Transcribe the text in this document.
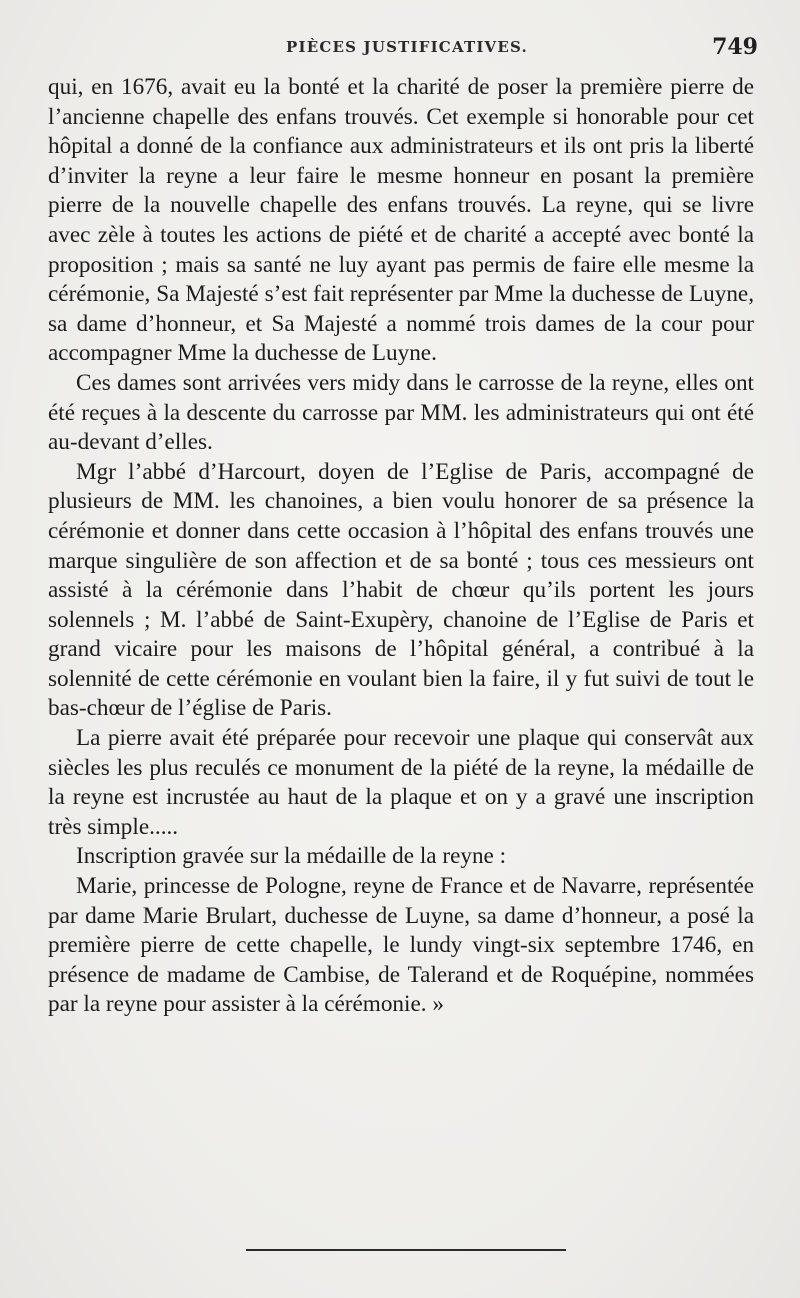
PIÈCES JUSTIFICATIVES.	749

qui, en 1676, avait eu la bonté et la charité de poser la première pierre de l’ancienne chapelle des enfans trouvés. Cet exemple si honorable pour cet hôpital a donné de la confiance aux administrateurs et ils ont pris la liberté d’inviter la reyne a leur faire le mesme honneur en posant la première pierre de la nouvelle chapelle des enfans trouvés. La reyne, qui se livre avec zèle à toutes les actions de piété et de charité a accepté avec bonté la proposition ; mais sa santé ne luy ayant pas permis de faire elle mesme la cérémonie, Sa Majesté s’est fait représenter par Mme la duchesse de Luyne, sa dame d’honneur, et Sa Majesté a nommé trois dames de la cour pour accompagner Mme la duchesse de Luyne.

Ces dames sont arrivées vers midy dans le carrosse de la reyne, elles ont été reçues à la descente du carrosse par MM. les administrateurs qui ont été au-devant d’elles.

Mgr l’abbé d’Harcourt, doyen de l’Eglise de Paris, accompagné de plusieurs de MM. les chanoines, a bien voulu honorer de sa présence la cérémonie et donner dans cette occasion à l’hôpital des enfans trouvés une marque singulière de son affection et de sa bonté ; tous ces messieurs ont assisté à la cérémonie dans l’habit de chœur qu’ils portent les jours solennels ; M. l’abbé de Saint-Exupèry, chanoine de l’Eglise de Paris et grand vicaire pour les maisons de l’hôpital général, a contribué à la solennité de cette cérémonie en voulant bien la faire, il y fut suivi de tout le bas-chœur de l’église de Paris.

La pierre avait été préparée pour recevoir une plaque qui conservât aux siècles les plus reculés ce monument de la piété de la reyne, la médaille de la reyne est incrustée au haut de la plaque et on y a gravé une inscription très simple.....

Inscription gravée sur la médaille de la reyne :

Marie, princesse de Pologne, reyne de France et de Navarre, représentée par dame Marie Brulart, duchesse de Luyne, sa dame d’honneur, a posé la première pierre de cette chapelle, le lundy vingt-six septembre 1746, en présence de madame de Cambise, de Talerand et de Roquépine, nommées par la reyne pour assister à la cérémonie. »
